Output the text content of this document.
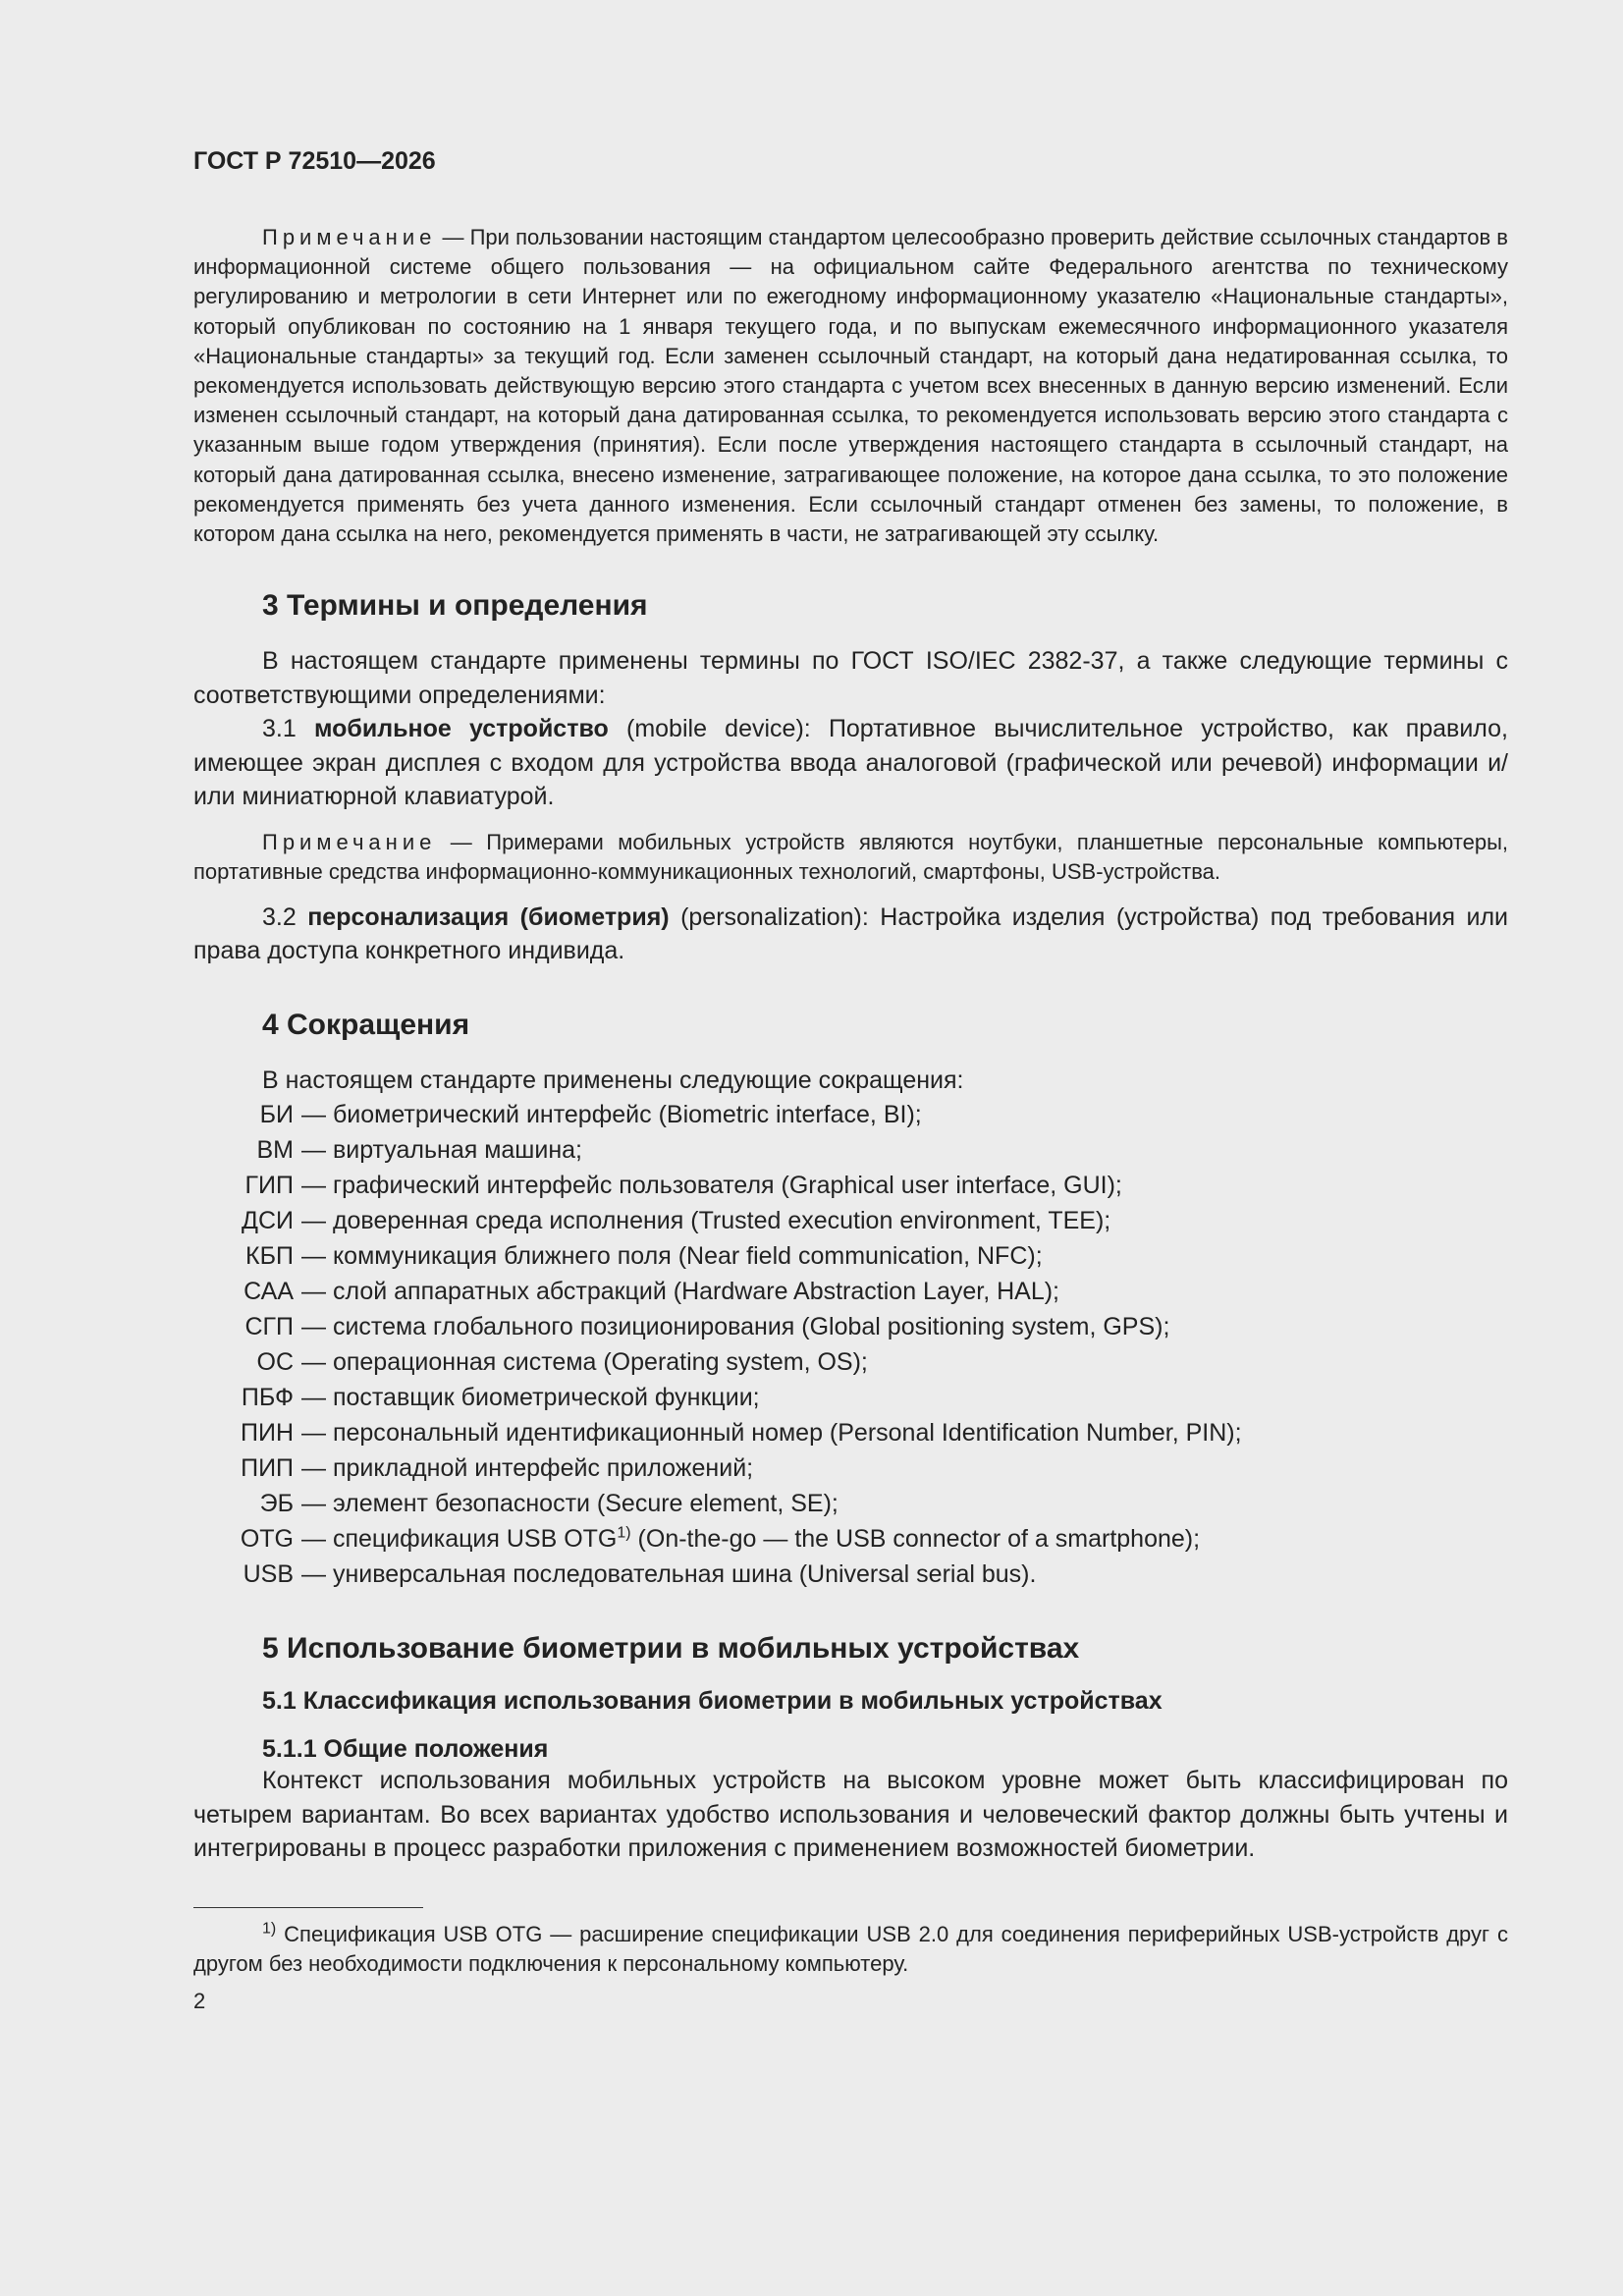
ГОСТ Р 72510—2026

Примечание — При пользовании настоящим стандартом целесообразно проверить действие ссылочных стандартов в информационной системе общего пользования — на официальном сайте Федерального агентства по техническому регулированию и метрологии в сети Интернет или по ежегодному информационному указателю «Национальные стандарты», который опубликован по состоянию на 1 января текущего года, и по выпускам ежемесячного информационного указателя «Национальные стандарты» за текущий год. Если заменен ссылочный стандарт, на который дана недатированная ссылка, то рекомендуется использовать действующую версию этого стандарта с учетом всех внесенных в данную версию изменений. Если изменен ссылочный стандарт, на который дана датированная ссылка, то рекомендуется использовать версию этого стандарта с указанным выше годом утверждения (принятия). Если после утверждения настоящего стандарта в ссылочный стандарт, на который дана датированная ссылка, внесено изменение, затрагивающее положение, на которое дана ссылка, то это положение рекомендуется применять без учета данного изменения. Если ссылочный стандарт отменен без замены, то положение, в котором дана ссылка на него, рекомендуется применять в части, не затрагивающей эту ссылку.

3 Термины и определения

В настоящем стандарте применены термины по ГОСТ ISO/IEC 2382-37, а также следующие термины с соответствующими определениями:

3.1 мобильное устройство (mobile device): Портативное вычислительное устройство, как правило, имеющее экран дисплея с входом для устройства ввода аналоговой (графической или речевой) информации и/или миниатюрной клавиатурой.

Примечание — Примерами мобильных устройств являются ноутбуки, планшетные персональные компьютеры, портативные средства информационно-коммуникационных технологий, смартфоны, USB-устройства.

3.2 персонализация (биометрия) (personalization): Настройка изделия (устройства) под требования или права доступа конкретного индивида.

4 Сокращения

В настоящем стандарте применены следующие сокращения:

БИ — биометрический интерфейс (Biometric interface, BI);
ВМ — виртуальная машина;
ГИП — графический интерфейс пользователя (Graphical user interface, GUI);
ДСИ — доверенная среда исполнения (Trusted execution environment, TEE);
КБП — коммуникация ближнего поля (Near field communication, NFC);
САА — слой аппаратных абстракций (Hardware Abstraction Layer, HAL);
СГП — система глобального позиционирования (Global positioning system, GPS);
ОС — операционная система (Operating system, OS);
ПБФ — поставщик биометрической функции;
ПИН — персональный идентификационный номер (Personal Identification Number, PIN);
ПИП — прикладной интерфейс приложений;
ЭБ — элемент безопасности (Secure element, SE);
OTG — спецификация USB OTG$^{1)}$ (On-the-go — the USB connector of a smartphone);
USB — универсальная последовательная шина (Universal serial bus).
5 Использование биометрии в мобильных устройствах
5.1 Классификация использования биометрии в мобильных устройствах
5.1.1 Общие положения

Контекст использования мобильных устройств на высоком уровне может быть классифицирован по четырем вариантам. Во всех вариантах удобство использования и человеческий фактор должны быть учтены и интегрированы в процесс разработки приложения с применением возможностей биометрии.

$^{1)}$ Спецификация USB OTG — расширение спецификации USB 2.0 для соединения периферийных USB-устройств друг с другом без необходимости подключения к персональному компьютеру.

2
